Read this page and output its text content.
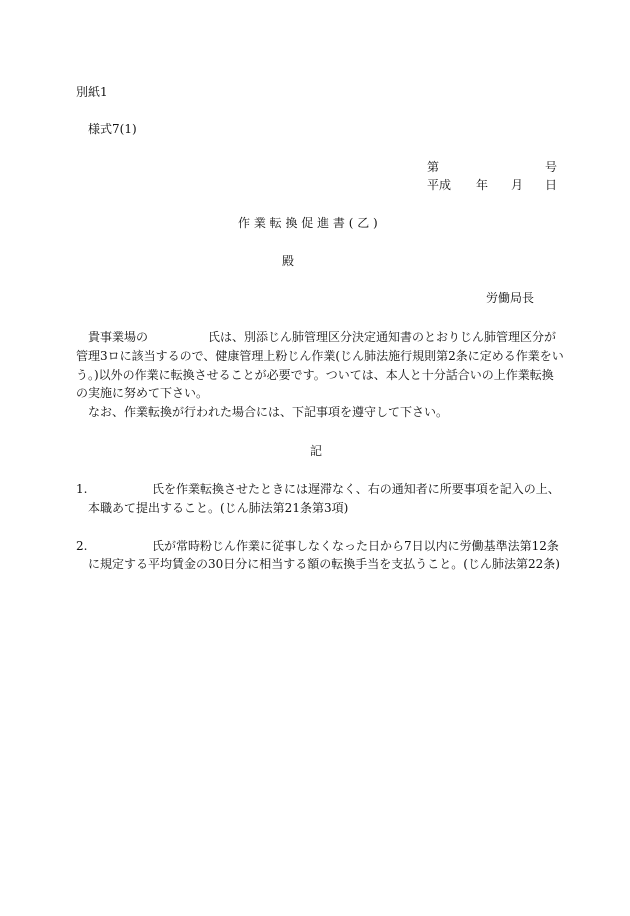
別紙1
様式7(1)
第	号
平成 年 月 日
作 業 転 換 促 進 書 ( 乙 )
殿
労働局長
貴事業場の	氏は、別添じん肺管理区分決定通知書のとおりじん肺管理区分が
管理3ロに該当するので、健康管理上粉じん作業(じん肺法施行規則第2条に定める作業をい
う。)以外の作業に転換させることが必要です。ついては、本人と十分話合いの上作業転換
の実施に努めて下さい。
なお、作業転換が行われた場合には、下記事項を遵守して下さい。
記
1.	氏を作業転換させたときには遅滞なく、右の通知者に所要事項を記入の上、
本職あて提出すること。(じん肺法第21条第3項)
2.	氏が常時粉じん作業に従事しなくなった日から7日以内に労働基準法第12条
に規定する平均賃金の30日分に相当する額の転換手当を支払うこと。(じん肺法第22条)
